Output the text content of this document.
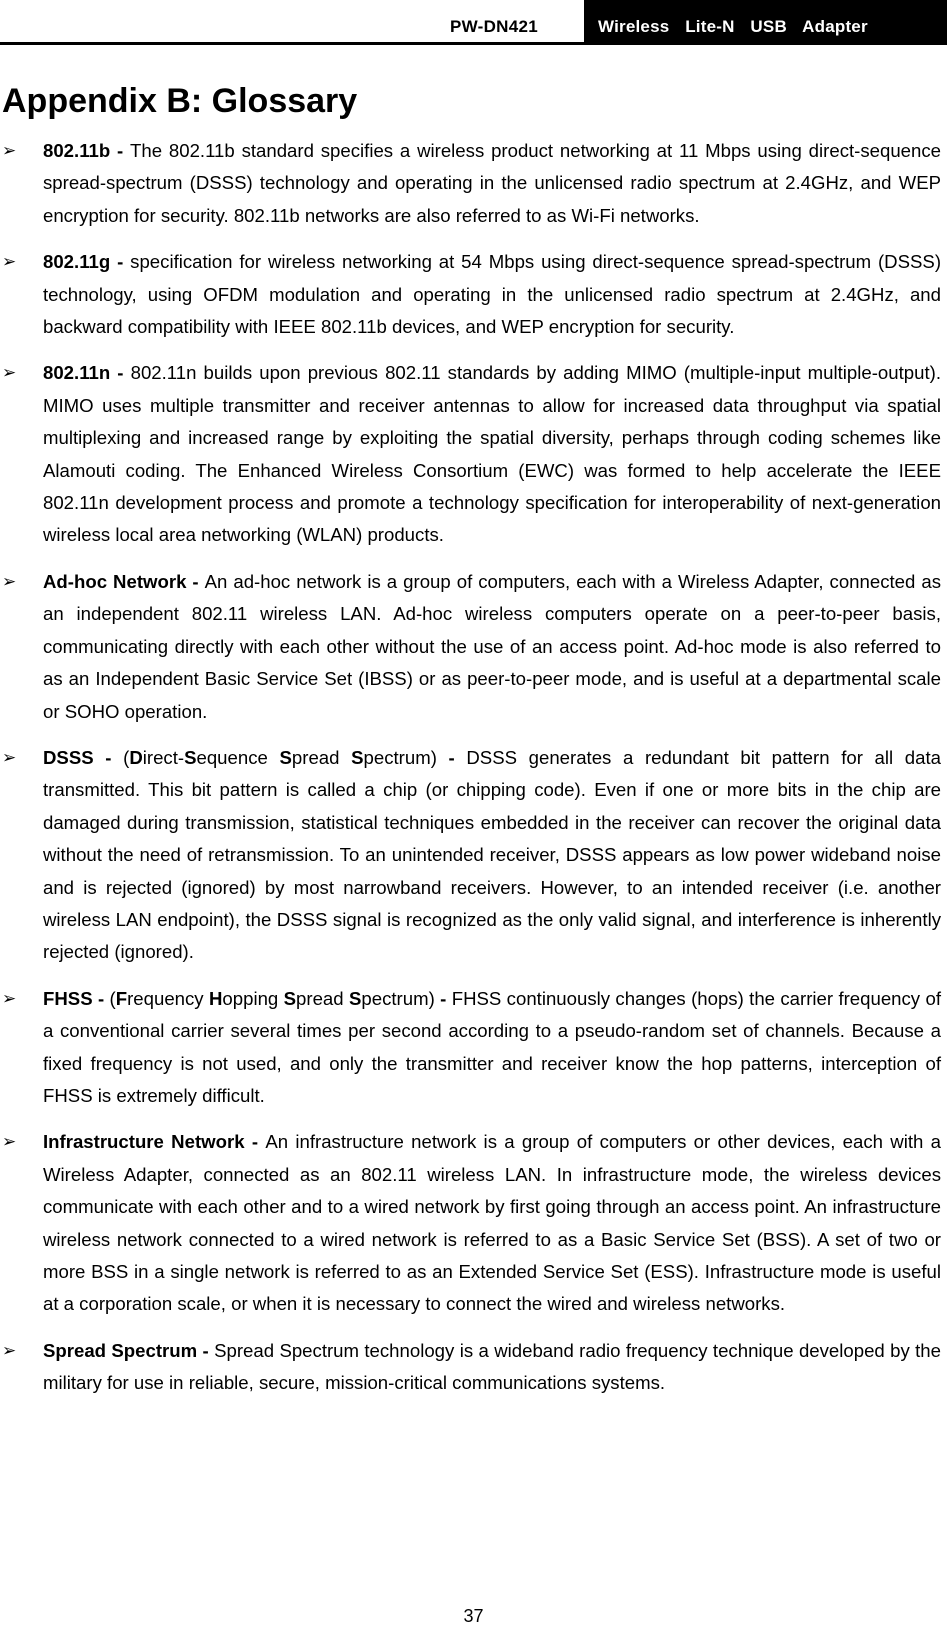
PW-DN421	Wireless  Lite-N  USB  Adapter
Appendix B: Glossary
➢ 802.11b - The 802.11b standard specifies a wireless product networking at 11 Mbps using direct-sequence spread-spectrum (DSSS) technology and operating in the unlicensed radio spectrum at 2.4GHz, and WEP encryption for security. 802.11b networks are also referred to as Wi-Fi networks.

➢ 802.11g - specification for wireless networking at 54 Mbps using direct-sequence spread-spectrum (DSSS) technology, using OFDM modulation and operating in the unlicensed radio spectrum at 2.4GHz, and backward compatibility with IEEE 802.11b devices, and WEP encryption for security.

➢ 802.11n - 802.11n builds upon previous 802.11 standards by adding MIMO (multiple-input multiple-output). MIMO uses multiple transmitter and receiver antennas to allow for increased data throughput via spatial multiplexing and increased range by exploiting the spatial diversity, perhaps through coding schemes like Alamouti coding. The Enhanced Wireless Consortium (EWC) was formed to help accelerate the IEEE 802.11n development process and promote a technology specification for interoperability of next-generation wireless local area networking (WLAN) products.

➢ Ad-hoc Network - An ad-hoc network is a group of computers, each with a Wireless Adapter, connected as an independent 802.11 wireless LAN. Ad-hoc wireless computers operate on a peer-to-peer basis, communicating directly with each other without the use of an access point. Ad-hoc mode is also referred to as an Independent Basic Service Set (IBSS) or as peer-to-peer mode, and is useful at a departmental scale or SOHO operation.

➢ DSSS - (Direct-Sequence Spread Spectrum) - DSSS generates a redundant bit pattern for all data transmitted. This bit pattern is called a chip (or chipping code). Even if one or more bits in the chip are damaged during transmission, statistical techniques embedded in the receiver can recover the original data without the need of retransmission. To an unintended receiver, DSSS appears as low power wideband noise and is rejected (ignored) by most narrowband receivers. However, to an intended receiver (i.e. another wireless LAN endpoint), the DSSS signal is recognized as the only valid signal, and interference is inherently rejected (ignored).

➢ FHSS - (Frequency Hopping Spread Spectrum) - FHSS continuously changes (hops) the carrier frequency of a conventional carrier several times per second according to a pseudo-random set of channels. Because a fixed frequency is not used, and only the transmitter and receiver know the hop patterns, interception of FHSS is extremely difficult.

➢ Infrastructure Network - An infrastructure network is a group of computers or other devices, each with a Wireless Adapter, connected as an 802.11 wireless LAN. In infrastructure mode, the wireless devices communicate with each other and to a wired network by first going through an access point. An infrastructure wireless network connected to a wired network is referred to as a Basic Service Set (BSS). A set of two or more BSS in a single network is referred to as an Extended Service Set (ESS). Infrastructure mode is useful at a corporation scale, or when it is necessary to connect the wired and wireless networks.

➢ Spread Spectrum - Spread Spectrum technology is a wideband radio frequency technique developed by the military for use in reliable, secure, mission-critical communications systems.

37
